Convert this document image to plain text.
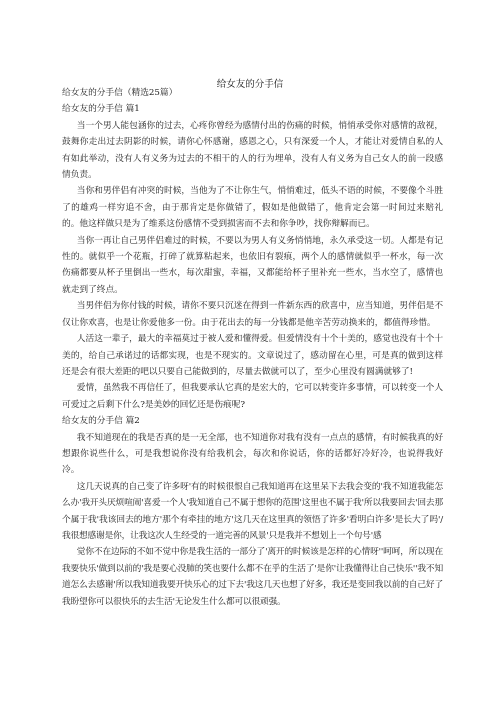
给女友的分手信

给女友的分手信（精选25篇）

给女友的分手信 篇1

当一个男人能包涵你的过去，心疼你曾经为感情付出的伤痛的时候，悄悄承受你对感情的敌视，鼓舞你走出过去阴影的时候，请你心怀感谢，感恩之心，只有深爱一个人，才能让对爱情自私的人有如此举动，没有人有义务为过去的不相干的人的行为埋单，没有人有义务为自己女人的前一段感情负责。

当你和男伴侣有冲突的时候，当他为了不让你生气，悄悄难过，低头不语的时候，不要像个斗胜了的雄鸡一样穷追不舍，由于那肯定是你做错了，假如是他做错了，他肯定会第一时间过来赔礼的。他这样做只是为了维系这份感情不受到损害而不去和你争吵，找你辩解而已。

当你一再让自己男伴侣难过的时候，不要以为男人有义务悄悄地，永久承受这一切。人都是有记性的。就似乎一个花瓶，打碎了就算粘起来，也依旧有裂痕，两个人的感情就似乎一杯水，每一次伤痛都要从杯子里倒出一些水，每次甜蜜，幸福，又都能给杯子里补充一些水，当水空了，感情也就走到了终点。

当男伴侣为你付钱的时候，请你不要只沉迷在得到一件新东西的欣喜中，应当知道，男伴侣是不仅让你欢喜，也是让你爱他多一份。由于花出去的每一分钱都是他辛苦劳动换来的，都值得珍惜。

人活这一辈子，最大的幸福莫过于被人爱和懂得爱。但爱情没有十个十美的，感觉也没有十个十美的，给自己承诺过的话都实现，也是不现实的。文章说过了，感动留在心里，可是真的做到这样还是会有很大差距的吧以只要自己能做到的，尽量去做就可以了，至少心里没有圆满就够了!

爱情，虽然我不再信任了，但我要承认它真的是宏大的，它可以转变许多事情，可以转变一个人可爱过之后剩下什么?是美妙的回忆还是伤痕呢?

给女友的分手信 篇2

我不知道现在的我是否真的是一无全部，也不知道你对我有没有一点点的感情，有时候我真的好想跟你说些什么，可是我想说你没有给我机会，每次和你说话，你的话都好冷好冷，也说得我好冷。

这几天说真的自己变了许多呀'有的时候很恨自己我知道再在这里呆下去我会变的'我不知道我能怎么办'我开头厌烦喧闹'喜爱一个人'我知道自己不属于想你的范围'这里也不属于我'所以我要回去'回去那个属于我'我该回去的地方'那个有牵挂的地方'这几天在这里真的领悟了许多'看明白许多'是长大了吗'/我很想感谢是你，让我这次人生经受的一道完善的风景'只是我并不想划上一个句号'感

觉你不在边际的不如不觉中你是我生活的一部分了'离开的时候该是怎样的心情呀''呵呵，所以现在我要快乐'做到以前的'我是要心没肺的笑也要什么都不在乎的生活了'是你'让我懂得让自己快乐''我不知道怎么去感谢'所以我知道我要开快乐心的过下去'我这几天也想了好多，我还是变回我以前的自己好了我盼望你可以很快乐的去生活'无论发生什么都可以很顽强。
